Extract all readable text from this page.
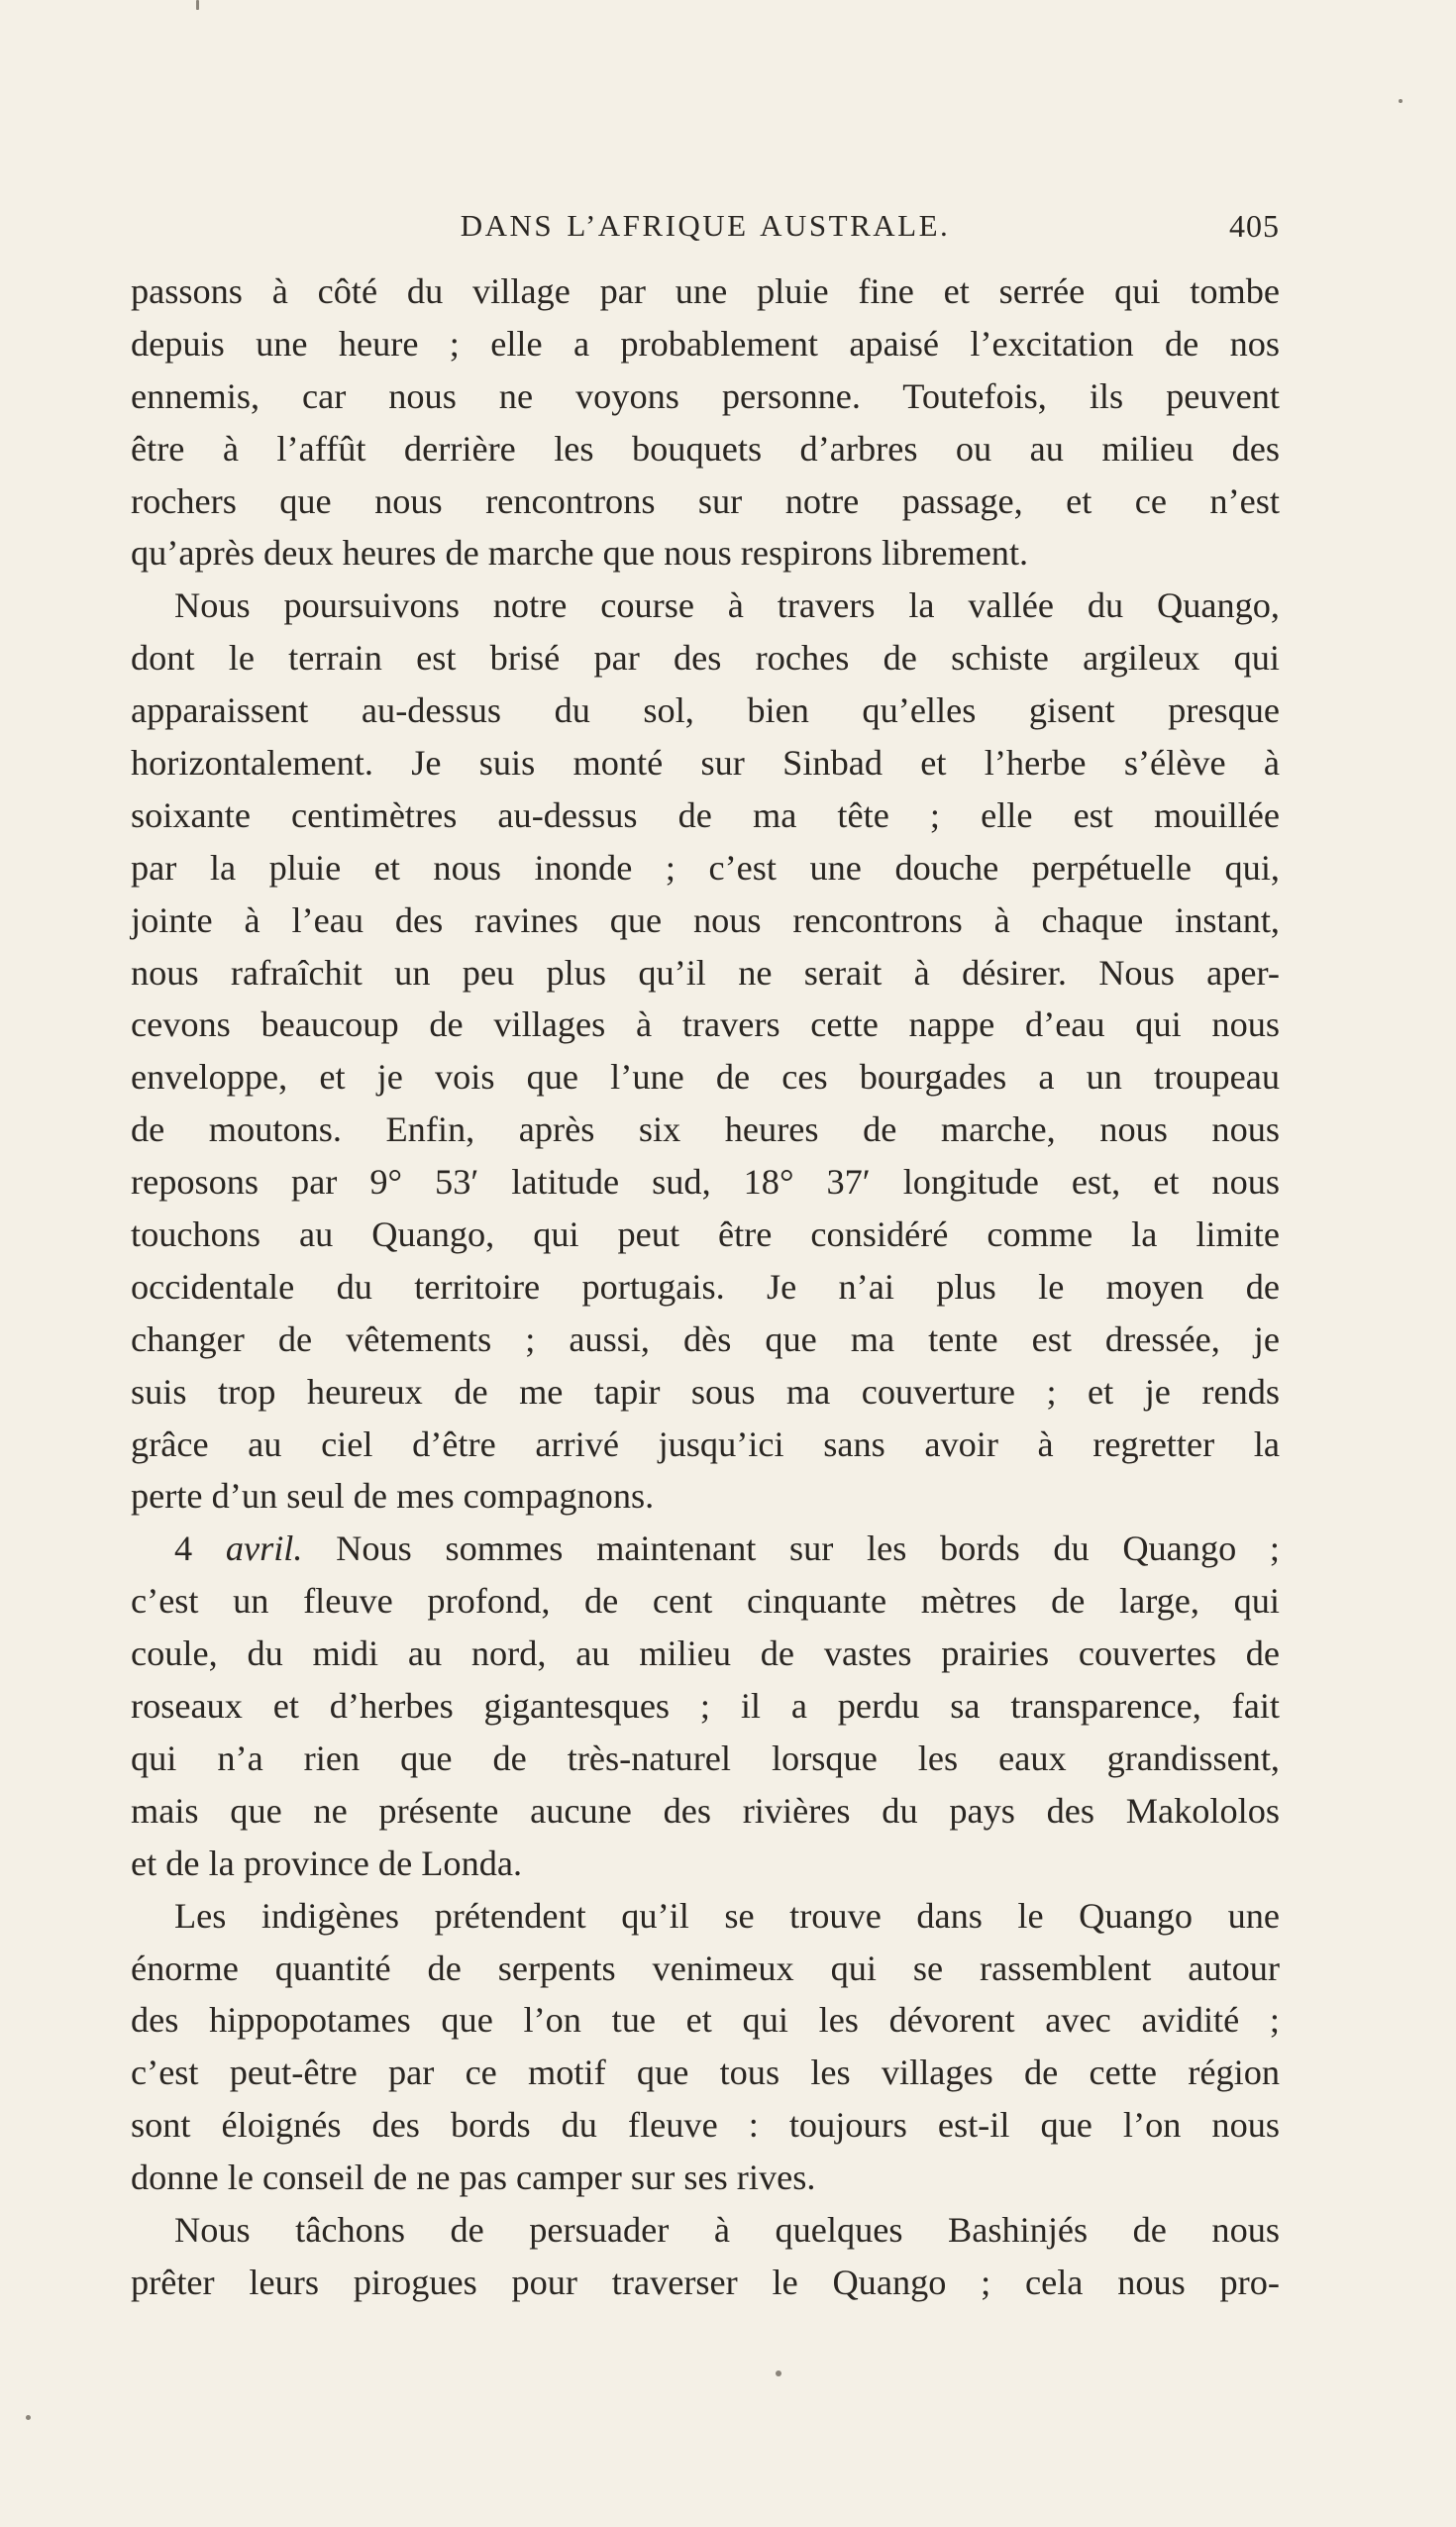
DANS L’AFRIQUE AUSTRALE.	405
passons à côté du village par une pluie fine et serrée qui tombe
depuis une heure ; elle a probablement apaisé l’excitation de nos
ennemis, car nous ne voyons personne. Toutefois, ils peuvent
être à l’affût derrière les bouquets d’arbres ou au milieu des
rochers que nous rencontrons sur notre passage, et ce n’est
qu’après deux heures de marche que nous respirons librement.
Nous poursuivons notre course à travers la vallée du Quango,
dont le terrain est brisé par des roches de schiste argileux qui
apparaissent au-dessus du sol, bien qu’elles gisent presque
horizontalement. Je suis monté sur Sinbad et l’herbe s’élève à
soixante centimètres au-dessus de ma tête ; elle est mouillée
par la pluie et nous inonde ; c’est une douche perpétuelle qui,
jointe à l’eau des ravines que nous rencontrons à chaque instant,
nous rafraîchit un peu plus qu’il ne serait à désirer. Nous aper-
cevons beaucoup de villages à travers cette nappe d’eau qui nous
enveloppe, et je vois que l’une de ces bourgades a un troupeau
de moutons. Enfin, après six heures de marche, nous nous
reposons par 9° 53′ latitude sud, 18° 37′ longitude est, et nous
touchons au Quango, qui peut être considéré comme la limite
occidentale du territoire portugais. Je n’ai plus le moyen de
changer de vêtements ; aussi, dès que ma tente est dressée, je
suis trop heureux de me tapir sous ma couverture ; et je rends
grâce au ciel d’être arrivé jusqu’ici sans avoir à regretter la
perte d’un seul de mes compagnons.
4 avril. Nous sommes maintenant sur les bords du Quango ;
c’est un fleuve profond, de cent cinquante mètres de large, qui
coule, du midi au nord, au milieu de vastes prairies couvertes de
roseaux et d’herbes gigantesques ; il a perdu sa transparence, fait
qui n’a rien que de très-naturel lorsque les eaux grandissent,
mais que ne présente aucune des rivières du pays des Makololos
et de la province de Londa.
Les indigènes prétendent qu’il se trouve dans le Quango une
énorme quantité de serpents venimeux qui se rassemblent autour
des hippopotames que l’on tue et qui les dévorent avec avidité ;
c’est peut-être par ce motif que tous les villages de cette région
sont éloignés des bords du fleuve : toujours est-il que l’on nous
donne le conseil de ne pas camper sur ses rives.
Nous tâchons de persuader à quelques Bashinjés de nous
prêter leurs pirogues pour traverser le Quango ; cela nous pro-
